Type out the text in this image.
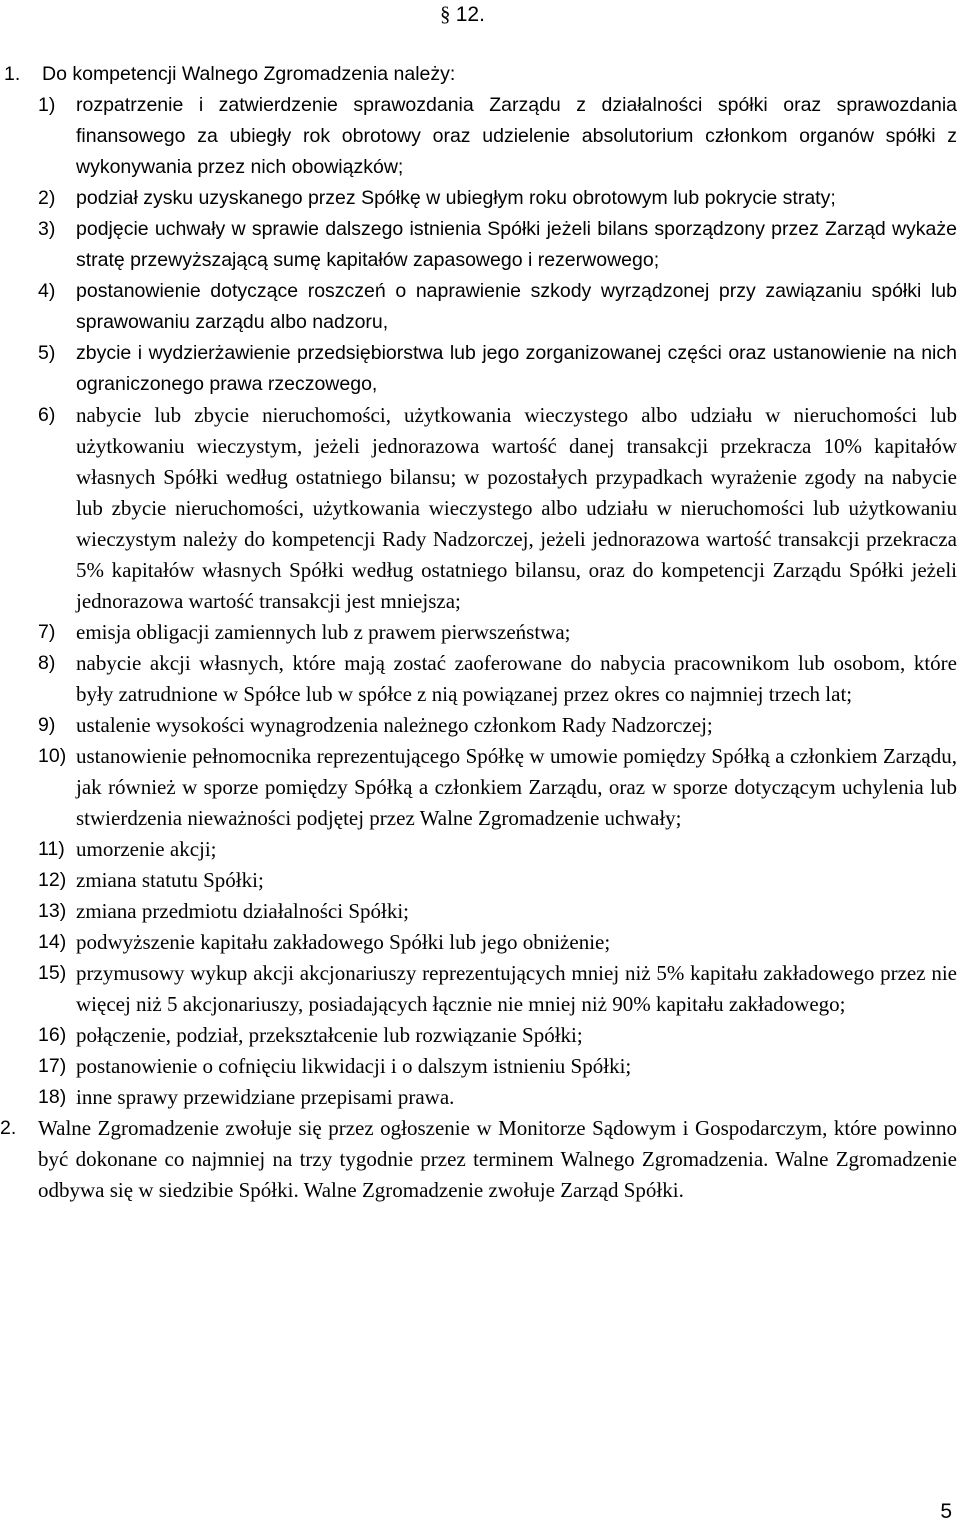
§ 12.
1.	Do kompetencji Walnego Zgromadzenia należy:
1)	rozpatrzenie i zatwierdzenie sprawozdania Zarządu z działalności spółki oraz sprawozdania finansowego za ubiegły rok obrotowy oraz udzielenie absolutorium członkom organów spółki z wykonywania przez nich obowiązków;
2)	podział zysku uzyskanego przez Spółkę w ubiegłym roku obrotowym lub pokrycie straty;
3)	podjęcie uchwały w sprawie dalszego istnienia Spółki jeżeli bilans sporządzony przez Zarząd wykaże stratę przewyższającą sumę kapitałów zapasowego i rezerwowego;
4)	postanowienie dotyczące roszczeń o naprawienie szkody wyrządzonej przy zawiązaniu spółki lub sprawowaniu zarządu albo nadzoru,
5)	zbycie i wydzierżawienie przedsiębiorstwa lub jego zorganizowanej części oraz ustanowienie na nich ograniczonego prawa rzeczowego,
6) nabycie lub zbycie nieruchomości, użytkowania wieczystego albo udziału w nieruchomości lub użytkowaniu wieczystym, jeżeli jednorazowa wartość danej transakcji przekracza 10% kapitałów własnych Spółki według ostatniego bilansu; w pozostałych przypadkach wyrażenie zgody na nabycie lub zbycie nieruchomości, użytkowania wieczystego albo udziału w nieruchomości lub użytkowaniu wieczystym należy do kompetencji Rady Nadzorczej, jeżeli jednorazowa wartość transakcji przekracza 5% kapitałów własnych Spółki według ostatniego bilansu, oraz do kompetencji Zarządu Spółki jeżeli jednorazowa wartość transakcji jest mniejsza;
7) emisja obligacji zamiennych lub z prawem pierwszeństwa;
8) nabycie akcji własnych, które mają zostać zaoferowane do nabycia pracownikom lub osobom, które były zatrudnione w Spółce lub w spółce z nią powiązanej przez okres co najmniej trzech lat;
9) ustalenie wysokości wynagrodzenia należnego członkom Rady Nadzorczej;
10) ustanowienie pełnomocnika reprezentującego Spółkę w umowie pomiędzy Spółką a członkiem Zarządu, jak również w sporze pomiędzy Spółką a członkiem Zarządu, oraz w sporze dotyczącym uchylenia lub stwierdzenia nieważności podjętej przez Walne Zgromadzenie uchwały;
11) umorzenie akcji;
12) zmiana statutu Spółki;
13) zmiana przedmiotu działalności Spółki;
14) podwyższenie kapitału zakładowego Spółki lub jego obniżenie;
15) przymusowy wykup akcji akcjonariuszy reprezentujących mniej niż 5% kapitału zakładowego przez nie więcej niż 5 akcjonariuszy, posiadających łącznie nie mniej niż 90% kapitału zakładowego;
16) połączenie, podział, przekształcenie lub rozwiązanie Spółki;
17) postanowienie o cofnięciu likwidacji i o dalszym istnieniu Spółki;
18) inne sprawy przewidziane przepisami prawa.
2.	Walne Zgromadzenie zwołuje się przez ogłoszenie w Monitorze Sądowym i Gospodarczym, które powinno być dokonane co najmniej na trzy tygodnie przez terminem Walnego Zgromadzenia. Walne Zgromadzenie odbywa się w siedzibie Spółki. Walne Zgromadzenie zwołuje Zarząd Spółki.
5
